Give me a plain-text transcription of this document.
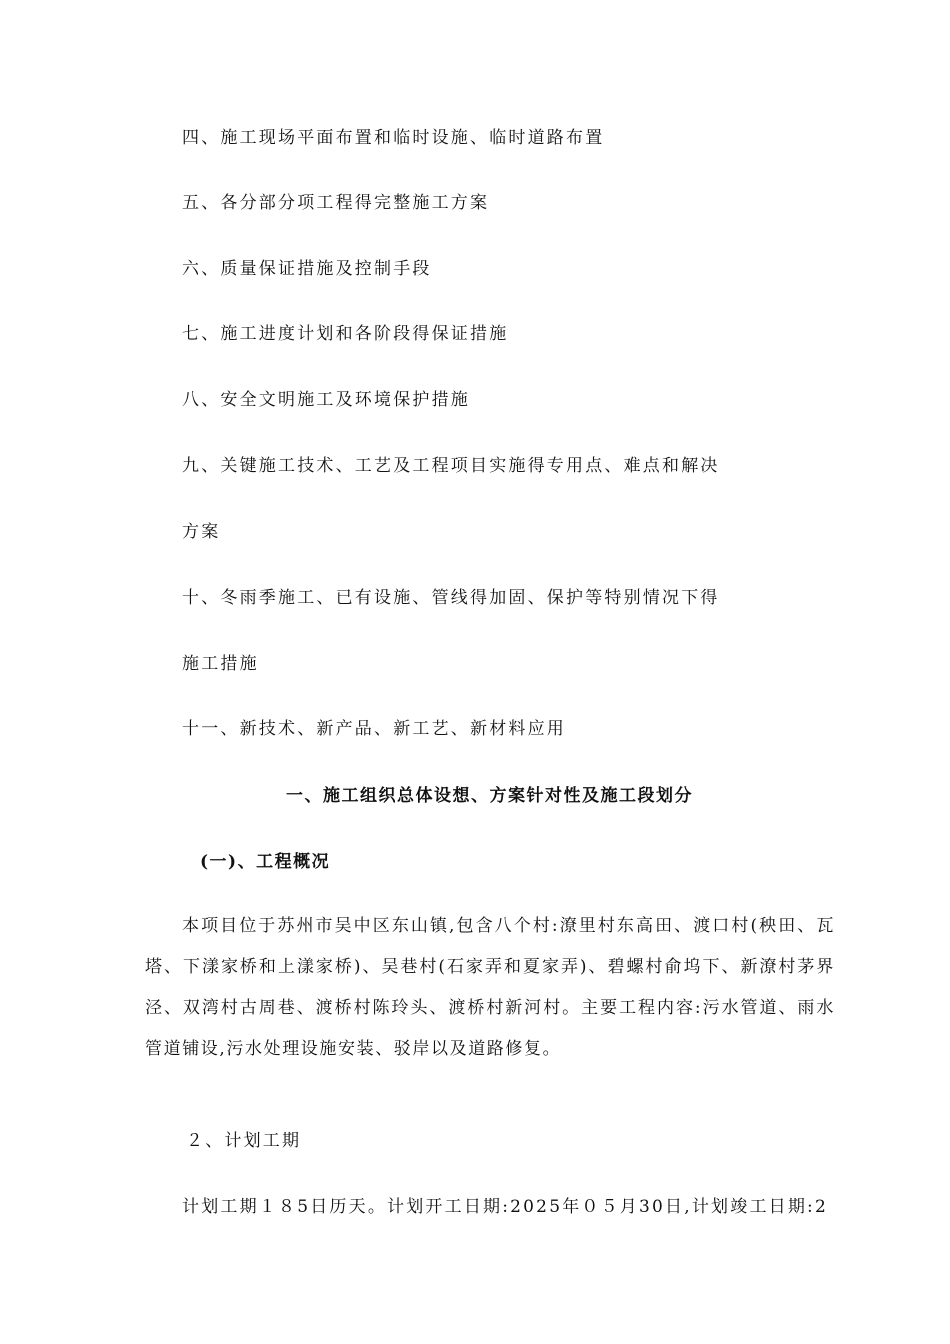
四、施工现场平面布置和临时设施、临时道路布置
五、各分部分项工程得完整施工方案
六、质量保证措施及控制手段
七、施工进度计划和各阶段得保证措施
八、安全文明施工及环境保护措施
九、关键施工技术、工艺及工程项目实施得专用点、难点和解决
方案
十、冬雨季施工、已有设施、管线得加固、保护等特别情况下得
施工措施
十一、新技术、新产品、新工艺、新材料应用
一、施工组织总体设想、方案针对性及施工段划分
(一)、工程概况
本项目位于苏州市吴中区东山镇,包含八个村:潦里村东高田、渡口村(秧田、瓦塔、下漾家桥和上漾家桥)、吴巷村(石家弄和夏家弄)、碧螺村俞坞下、新潦村茅界泾、双湾村古周巷、渡桥村陈玲头、渡桥村新河村。主要工程内容:污水管道、雨水管道铺设,污水处理设施安装、驳岸以及道路修复。
２、计划工期
计划工期１８5日历天。计划开工日期:2025年０５月30日,计划竣工日期:2
